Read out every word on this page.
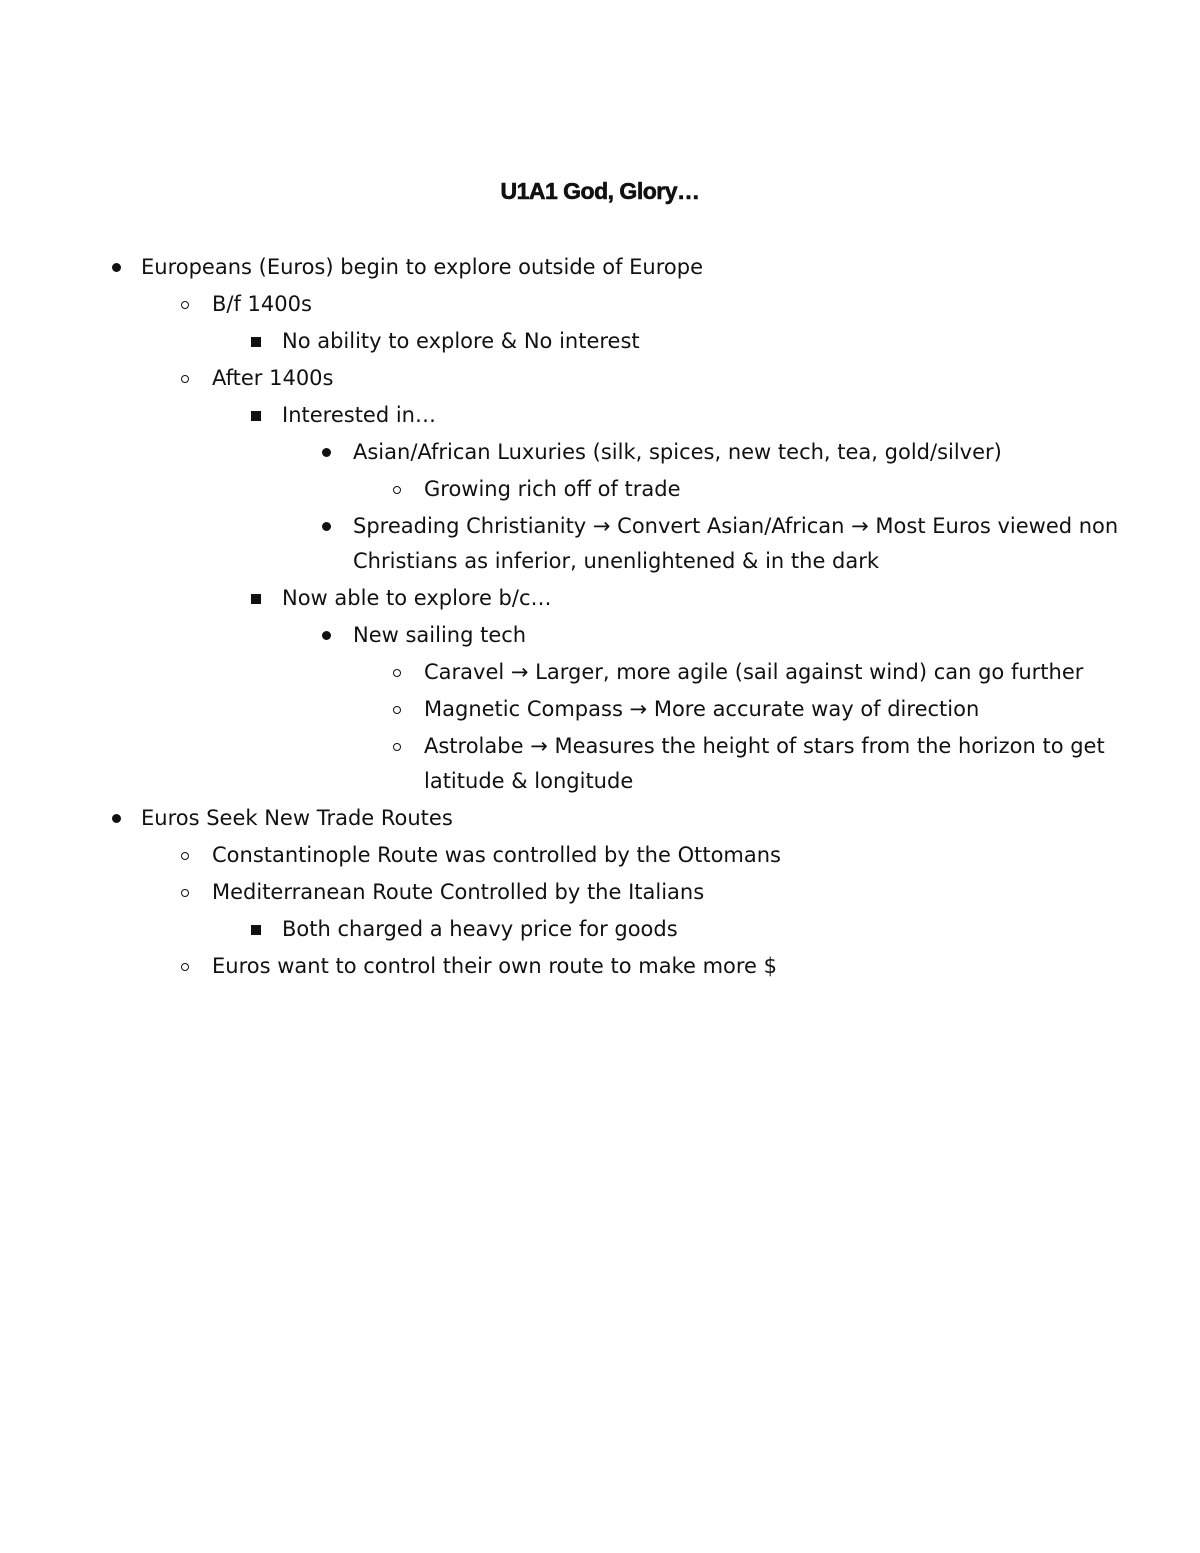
U1A1 God, Glory…
Europeans (Euros) begin to explore outside of Europe
B/f 1400s
No ability to explore & No interest
After 1400s
Interested in…
Asian/African Luxuries (silk, spices, new tech, tea, gold/silver)
Growing rich off of trade
Spreading Christianity → Convert Asian/African → Most Euros viewed non Christians as inferior, unenlightened & in the dark
Now able to explore b/c…
New sailing tech
Caravel → Larger, more agile (sail against wind) can go further
Magnetic Compass → More accurate way of direction
Astrolabe → Measures the height of stars from the horizon to get latitude & longitude
Euros Seek New Trade Routes
Constantinople Route was controlled by the Ottomans
Mediterranean Route Controlled by the Italians
Both charged a heavy price for goods
Euros want to control their own route to make more $
